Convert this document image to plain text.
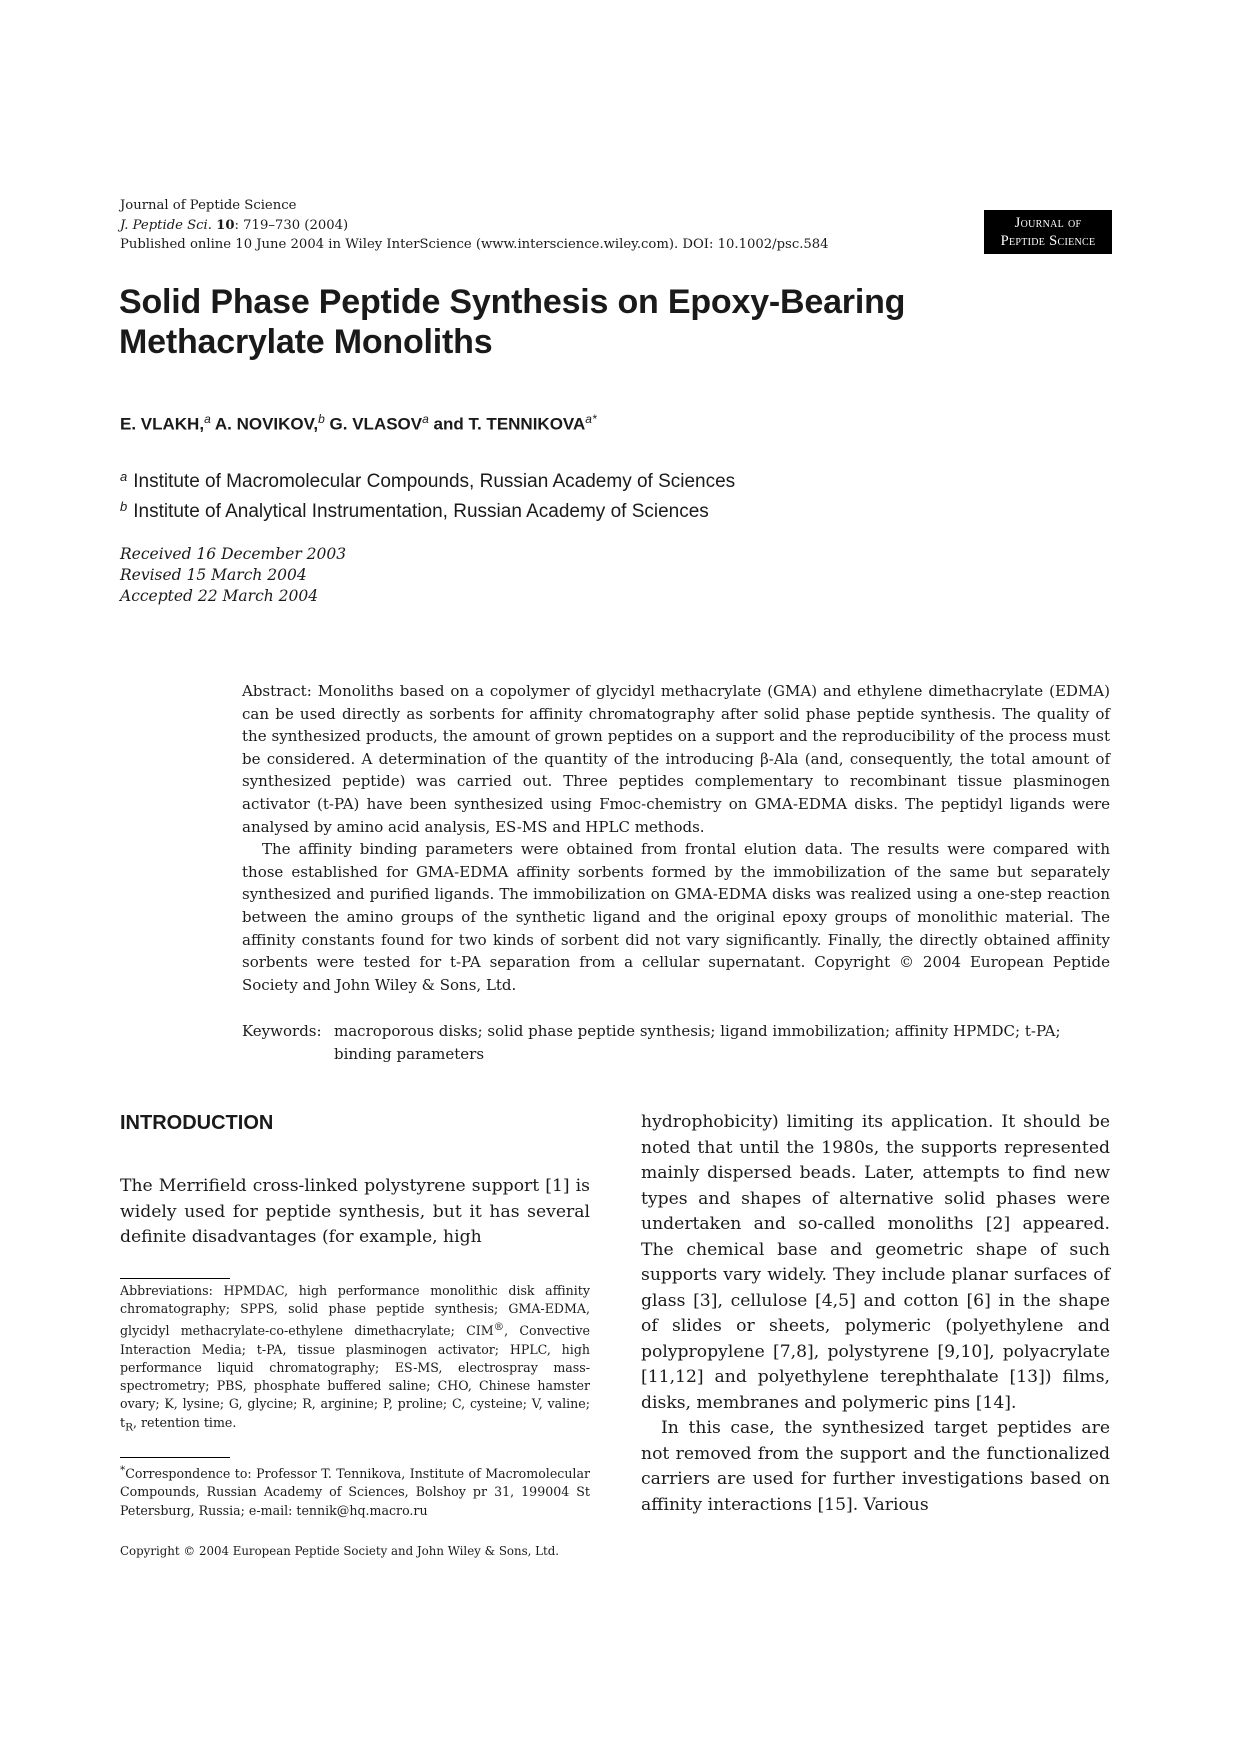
Journal of Peptide Science
J. Peptide Sci. 10: 719–730 (2004)
Published online 10 June 2004 in Wiley InterScience (www.interscience.wiley.com). DOI: 10.1002/psc.584
Journal of
Peptide Science
Solid Phase Peptide Synthesis on Epoxy-Bearing Methacrylate Monoliths
E. VLAKH,$^a$ A. NOVIKOV,$^b$ G. VLASOV$^a$ and T. $TENNIKOVA^{a*}$
$^a$ Institute of Macromolecular Compounds, Russian Academy of Sciences
$^b$ Institute of Analytical Instrumentation, Russian Academy of Sciences
Received 16 December 2003
Revised 15 March 2004
Accepted 22 March 2004

Abstract: Monoliths based on a copolymer of glycidyl methacrylate (GMA) and ethylene dimethacrylate (EDMA) can be used directly as sorbents for affinity chromatography after solid phase peptide synthesis. The quality of the synthesized products, the amount of grown peptides on a support and the reproducibility of the process must be considered. A determination of the quantity of the introducing β-Ala (and, consequently, the total amount of synthesized peptide) was carried out. Three peptides complementary to recombinant tissue plasminogen activator (t-PA) have been synthesized using Fmoc-chemistry on GMA-EDMA disks. The peptidyl ligands were analysed by amino acid analysis, ES-MS and HPLC methods.

The affinity binding parameters were obtained from frontal elution data. The results were compared with those established for GMA-EDMA affinity sorbents formed by the immobilization of the same but separately synthesized and purified ligands. The immobilization on GMA-EDMA disks was realized using a one-step reaction between the amino groups of the synthetic ligand and the original epoxy groups of monolithic material. The affinity constants found for two kinds of sorbent did not vary significantly. Finally, the directly obtained affinity sorbents were tested for t-PA separation from a cellular supernatant. Copyright © 2004 European Peptide Society and John Wiley & Sons, Ltd.

Keywords: macroporous disks; solid phase peptide synthesis; ligand immobilization; affinity HPMDC; t-PA; binding parameters
INTRODUCTION

The Merrifield cross-linked polystyrene support [1] is widely used for peptide synthesis, but it has several definite disadvantages (for example, high

Abbreviations: HPMDAC, high performance monolithic disk affinity chromatography; SPPS, solid phase peptide synthesis; GMA-EDMA, glycidyl methacrylate-co-ethylene dimethacrylate; CIM®, Convective Interaction Media; t-PA, tissue plasminogen activator; HPLC, high performance liquid chromatography; ES-MS, electrospray mass-spectrometry; PBS, phosphate buffered saline; CHO, Chinese hamster ovary; K, lysine; G, glycine; R, arginine; P, proline; C, cysteine; V, valine; $t_R$, retention time.

*Correspondence to: Professor T. Tennikova, Institute of Macromolecular Compounds, Russian Academy of Sciences, Bolshoy pr 31, 199004 St Petersburg, Russia; e-mail: tennik@hq.macro.ru

Copyright © 2004 European Peptide Society and John Wiley & Sons, Ltd.

hydrophobicity) limiting its application. It should be noted that until the 1980s, the supports represented mainly dispersed beads. Later, attempts to find new types and shapes of alternative solid phases were undertaken and so-called monoliths [2] appeared. The chemical base and geometric shape of such supports vary widely. They include planar surfaces of glass [3], cellulose [4,5] and cotton [6] in the shape of slides or sheets, polymeric (polyethylene and polypropylene [7,8], polystyrene [9,10], polyacrylate [11,12] and polyethylene terephthalate [13]) films, disks, membranes and polymeric pins [14].

In this case, the synthesized target peptides are not removed from the support and the functionalized carriers are used for further investigations based on affinity interactions [15]. Various
